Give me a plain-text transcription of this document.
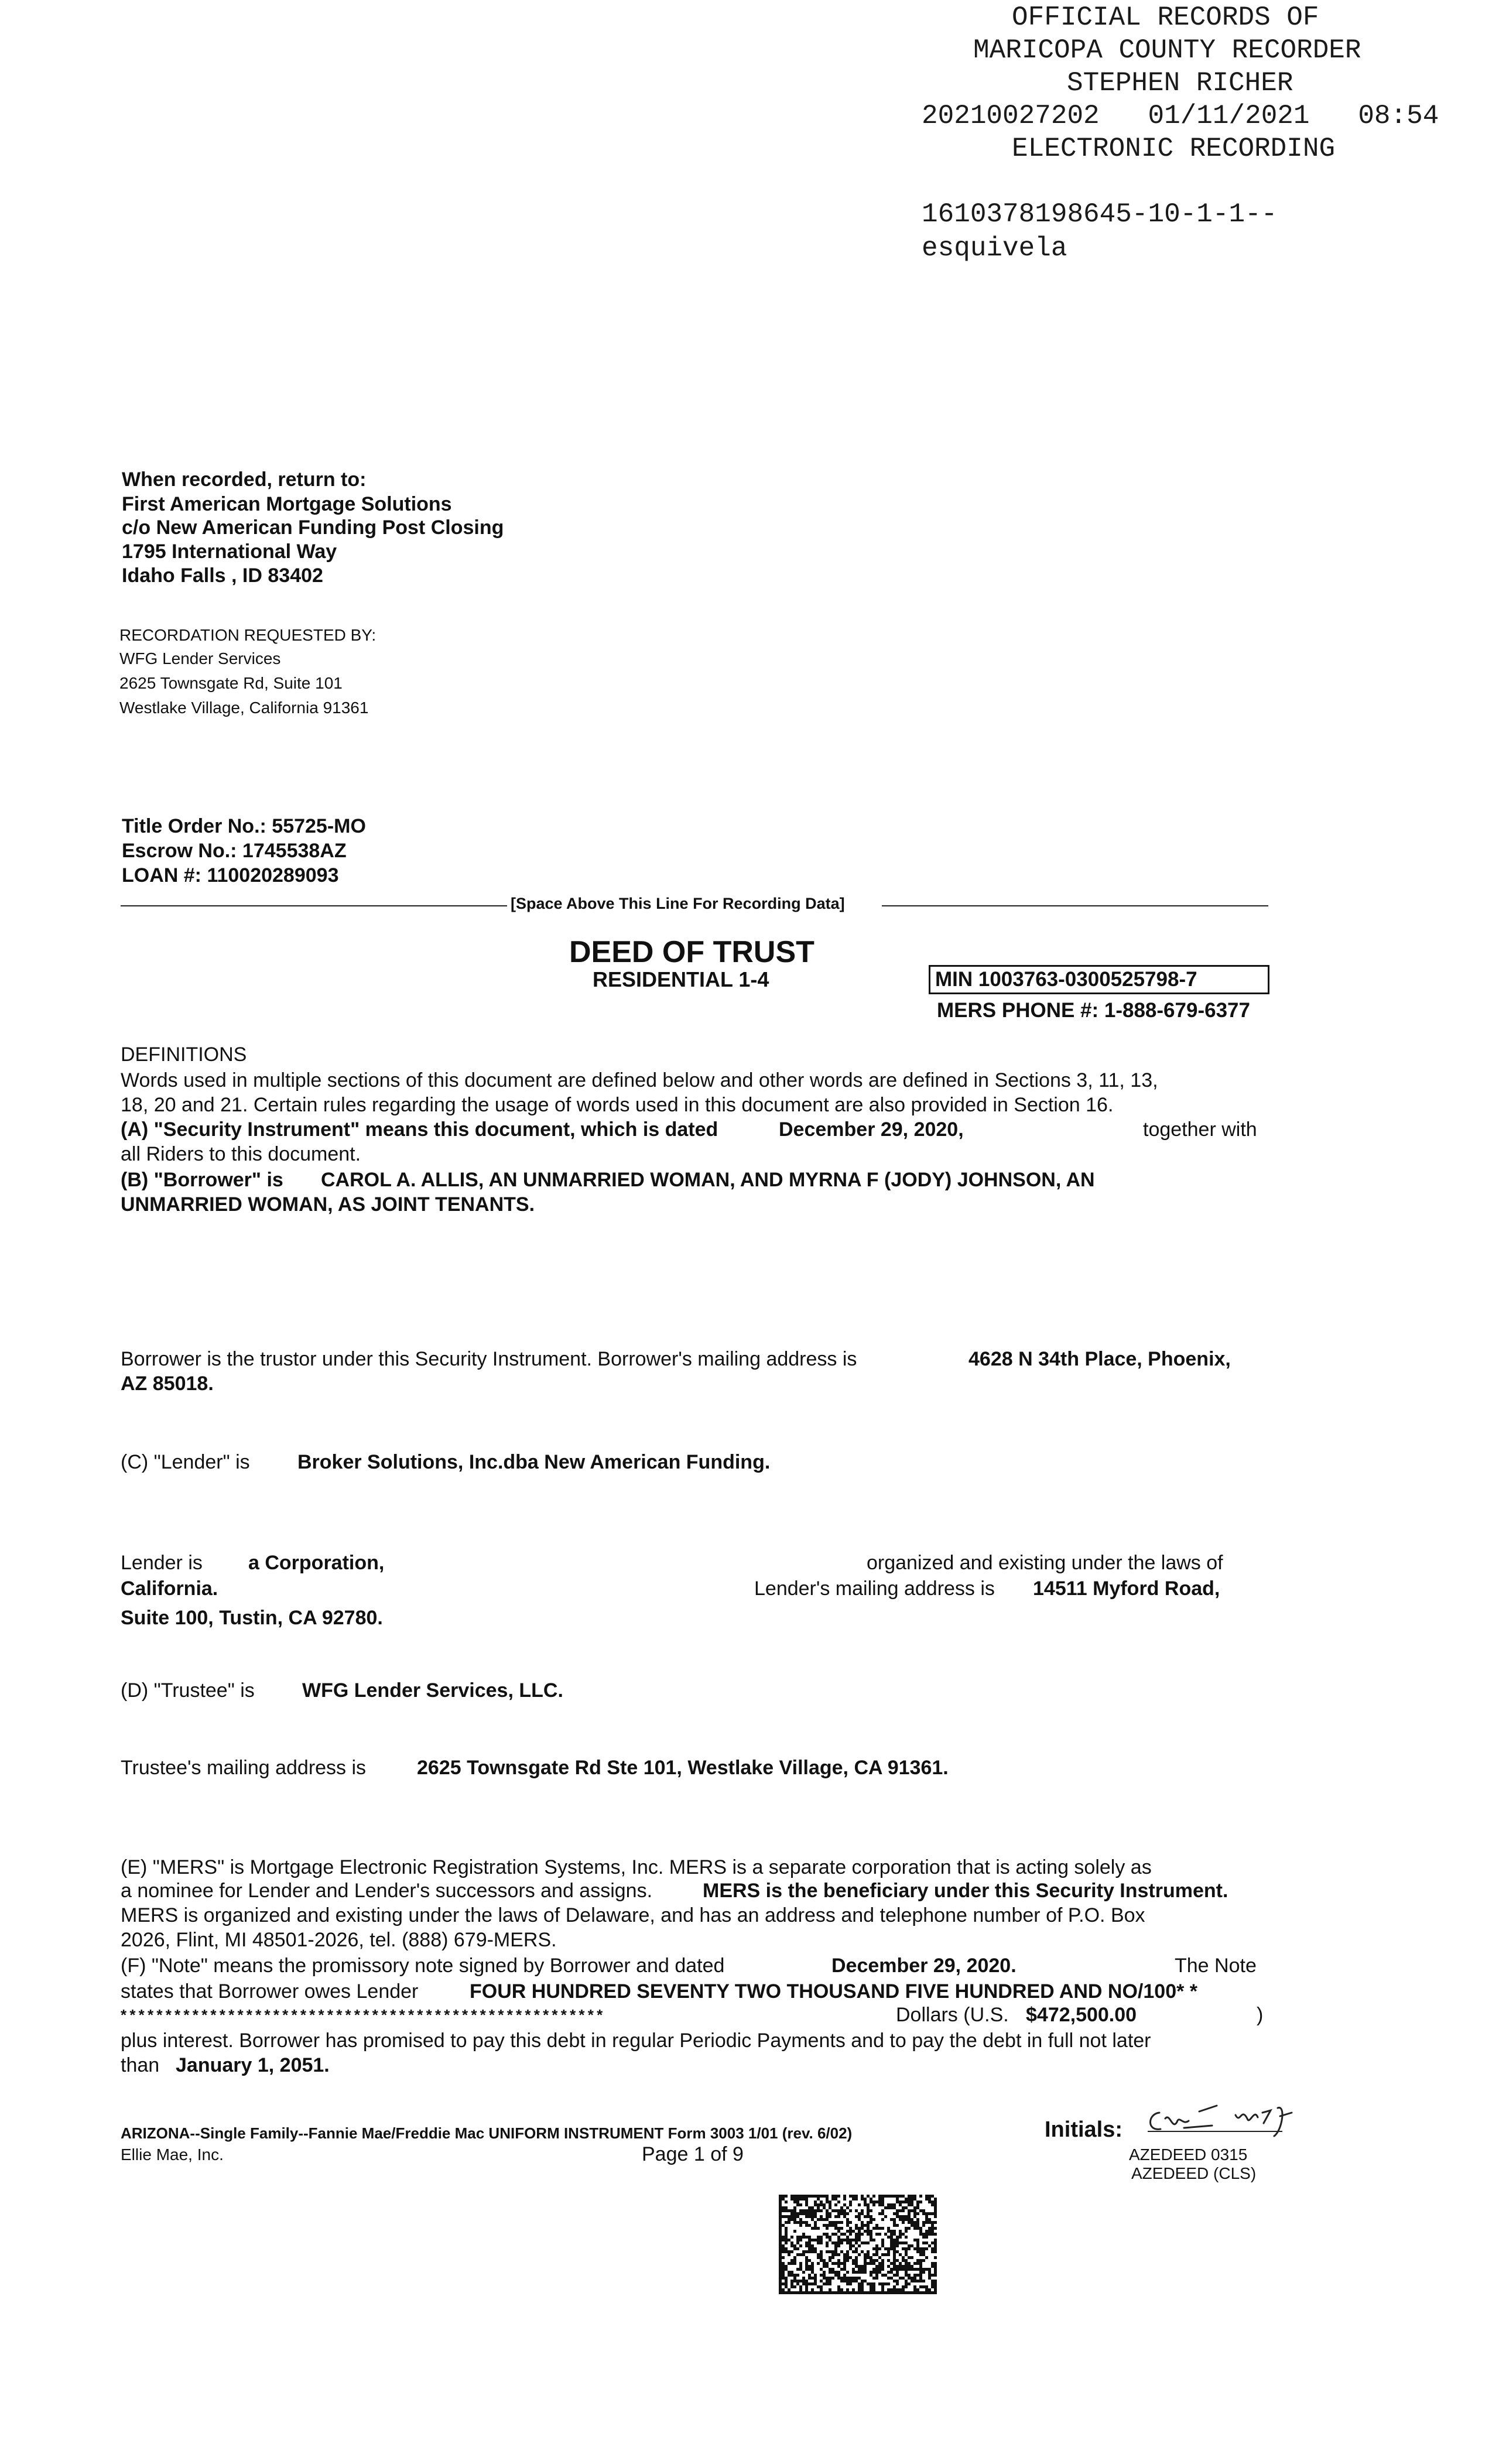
OFFICIAL RECORDS OF
MARICOPA COUNTY RECORDER
STEPHEN RICHER
20210027202   01/11/2021   08:54
ELECTRONIC RECORDING
1610378198645-10-1-1--
esquivela
When recorded, return to:
First American Mortgage Solutions
c/o New American Funding Post Closing
1795 International Way
Idaho Falls , ID 83402
RECORDATION REQUESTED BY:
WFG Lender Services
2625 Townsgate Rd, Suite 101
Westlake Village, California 91361
Title Order No.: 55725-MO
Escrow No.: 1745538AZ
LOAN #: 110020289093
[Space Above This Line For Recording Data]
DEED OF TRUST
RESIDENTIAL 1-4	MIN 1003763-0300525798-7
MERS PHONE #: 1-888-679-6377
DEFINITIONS
Words used in multiple sections of this document are defined below and other words are defined in Sections 3, 11, 13,
18, 20 and 21. Certain rules regarding the usage of words used in this document are also provided in Section 16.
(A) "Security Instrument" means this document, which is dated	December 29, 2020,	together with
all Riders to this document.
(B) "Borrower" is CAROL A. ALLIS, AN UNMARRIED WOMAN, AND MYRNA F (JODY) JOHNSON, AN
UNMARRIED WOMAN, AS JOINT TENANTS.
Borrower is the trustor under this Security Instrument. Borrower's mailing address is	4628 N 34th Place, Phoenix,
AZ 85018.
(C) "Lender" is Broker Solutions, Inc.dba New American Funding.
Lender is a Corporation,	organized and existing under the laws of
California.	Lender's mailing address is 14511 Myford Road,
Suite 100, Tustin, CA 92780.
(D) "Trustee" is WFG Lender Services, LLC.
Trustee's mailing address is	2625 Townsgate Rd Ste 101, Westlake Village, CA 91361.
(E) "MERS" is Mortgage Electronic Registration Systems, Inc. MERS is a separate corporation that is acting solely as
a nominee for Lender and Lender's successors and assigns.	MERS is the beneficiary under this Security Instrument.
MERS is organized and existing under the laws of Delaware, and has an address and telephone number of P.O. Box
2026, Flint, MI 48501-2026, tel. (888) 679-MERS.
(F) "Note" means the promissory note signed by Borrower and dated	December 29, 2020.	The Note
states that Borrower owes Lender	FOUR HUNDRED SEVENTY TWO THOUSAND FIVE HUNDRED AND NO/100* *
* * * * * * * * * * * * * * * * * * * * * * * * * * * * * * * * * * * * * * * * * * * * * * * * * * * * * *	Dollars (U.S. $472,500.00	)
plus interest. Borrower has promised to pay this debt in regular Periodic Payments and to pay the debt in full not later
than January 1, 2051.
ARIZONA--Single Family--Fannie Mae/Freddie Mac UNIFORM INSTRUMENT Form 3003 1/01 (rev. 6/02)
Ellie Mae, Inc.	Page 1 of 9
Initials:
AZEDEED 0315
AZEDEED (CLS)
